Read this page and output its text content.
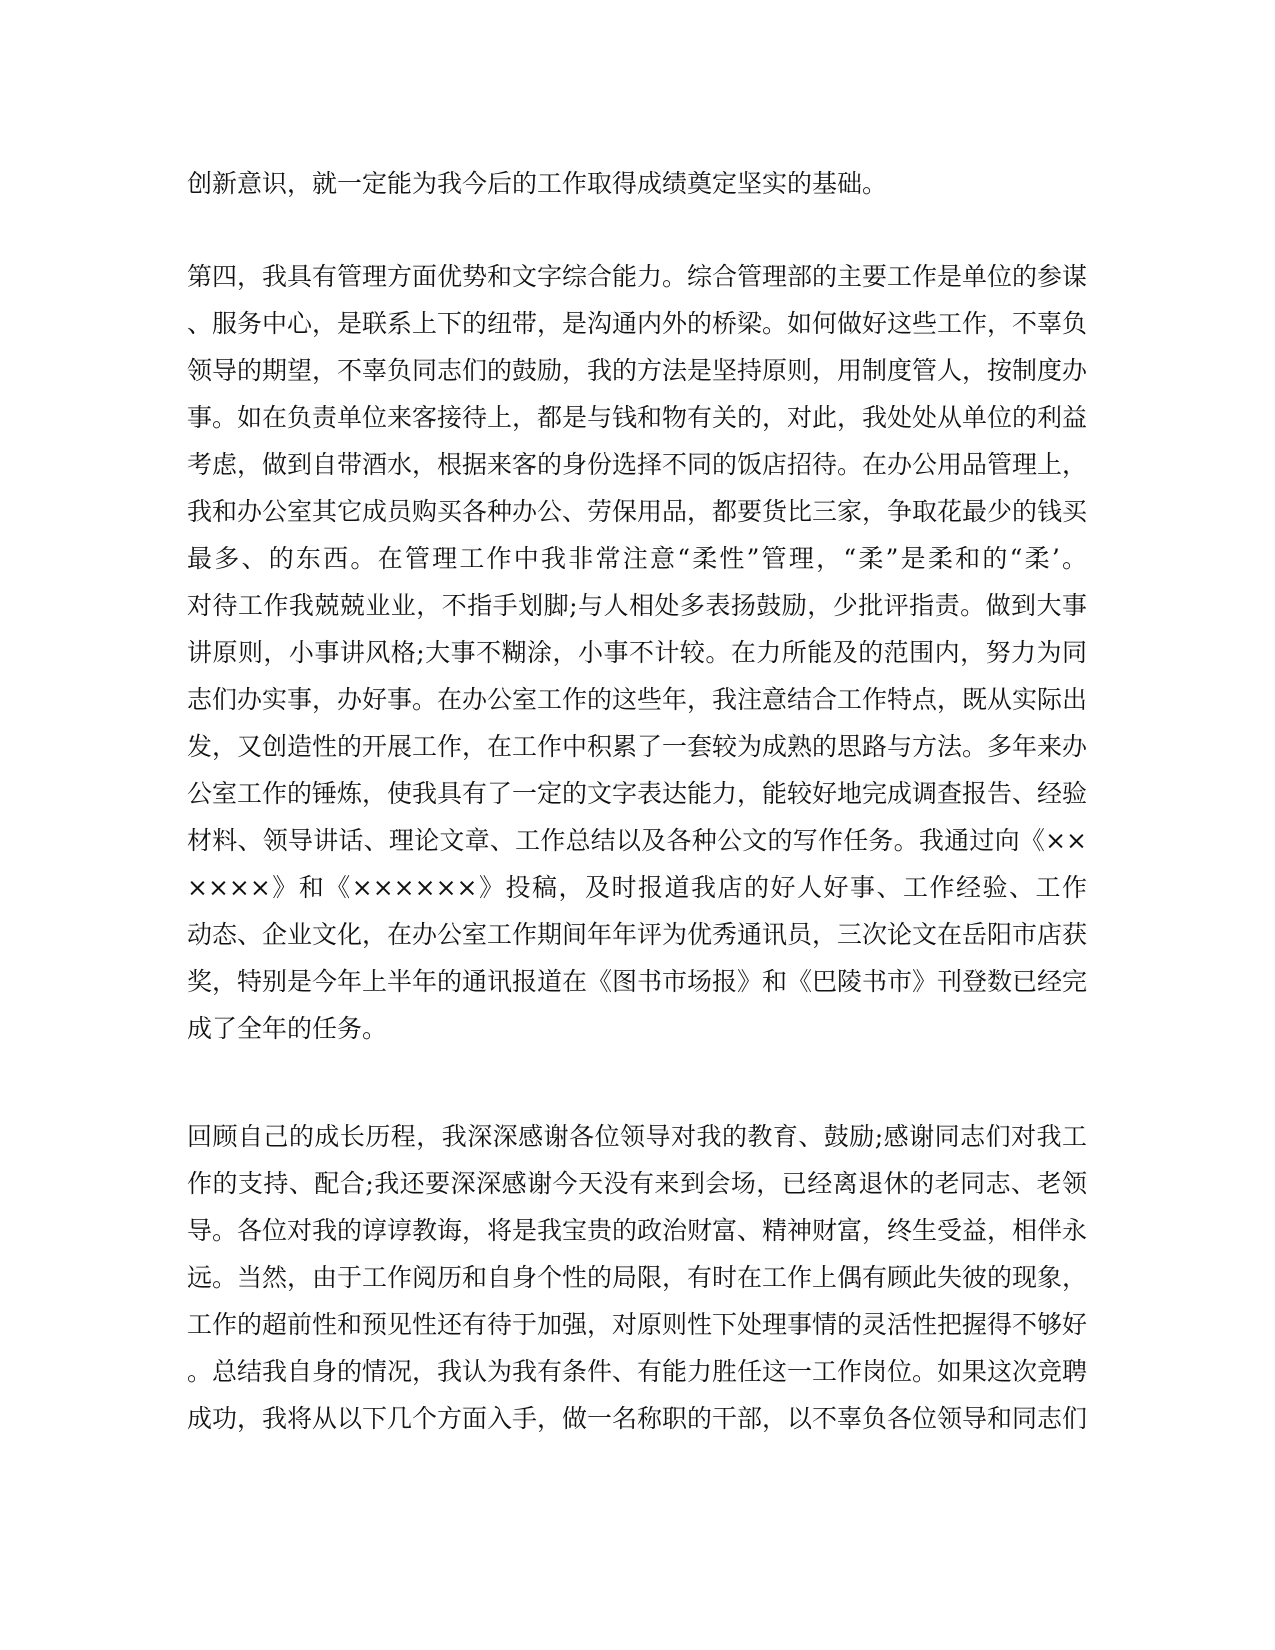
创新意识，就一定能为我今后的工作取得成绩奠定坚实的基础。
第四，我具有管理方面优势和文字综合能力。综合管理部的主要工作是单位的参谋
、服务中心，是联系上下的纽带，是沟通内外的桥梁。如何做好这些工作，不辜负
领导的期望，不辜负同志们的鼓励，我的方法是坚持原则，用制度管人，按制度办
事。如在负责单位来客接待上，都是与钱和物有关的，对此，我处处从单位的利益
考虑，做到自带酒水，根据来客的身份选择不同的饭店招待。在办公用品管理上，
我和办公室其它成员购买各种办公、劳保用品，都要货比三家，争取花最少的钱买
最多、的东西。在管理工作中我非常注意“柔性”管理，“柔”是柔和的“柔’。
对待工作我兢兢业业，不指手划脚;与人相处多表扬鼓励，少批评指责。做到大事
讲原则，小事讲风格;大事不糊涂，小事不计较。在力所能及的范围内，努力为同
志们办实事，办好事。在办公室工作的这些年，我注意结合工作特点，既从实际出
发，又创造性的开展工作，在工作中积累了一套较为成熟的思路与方法。多年来办
公室工作的锤炼，使我具有了一定的文字表达能力，能较好地完成调查报告、经验
材料、领导讲话、理论文章、工作总结以及各种公文的写作任务。我通过向《××
××××》和《××××××》投稿，及时报道我店的好人好事、工作经验、工作
动态、企业文化，在办公室工作期间年年评为优秀通讯员，三次论文在岳阳市店获
奖，特别是今年上半年的通讯报道在《图书市场报》和《巴陵书市》刊登数已经完
成了全年的任务。
回顾自己的成长历程，我深深感谢各位领导对我的教育、鼓励;感谢同志们对我工
作的支持、配合;我还要深深感谢今天没有来到会场，已经离退休的老同志、老领
导。各位对我的谆谆教诲，将是我宝贵的政治财富、精神财富，终生受益，相伴永
远。当然，由于工作阅历和自身个性的局限，有时在工作上偶有顾此失彼的现象，
工作的超前性和预见性还有待于加强，对原则性下处理事情的灵活性把握得不够好
。总结我自身的情况，我认为我有条件、有能力胜任这一工作岗位。如果这次竞聘
成功，我将从以下几个方面入手，做一名称职的干部，以不辜负各位领导和同志们
